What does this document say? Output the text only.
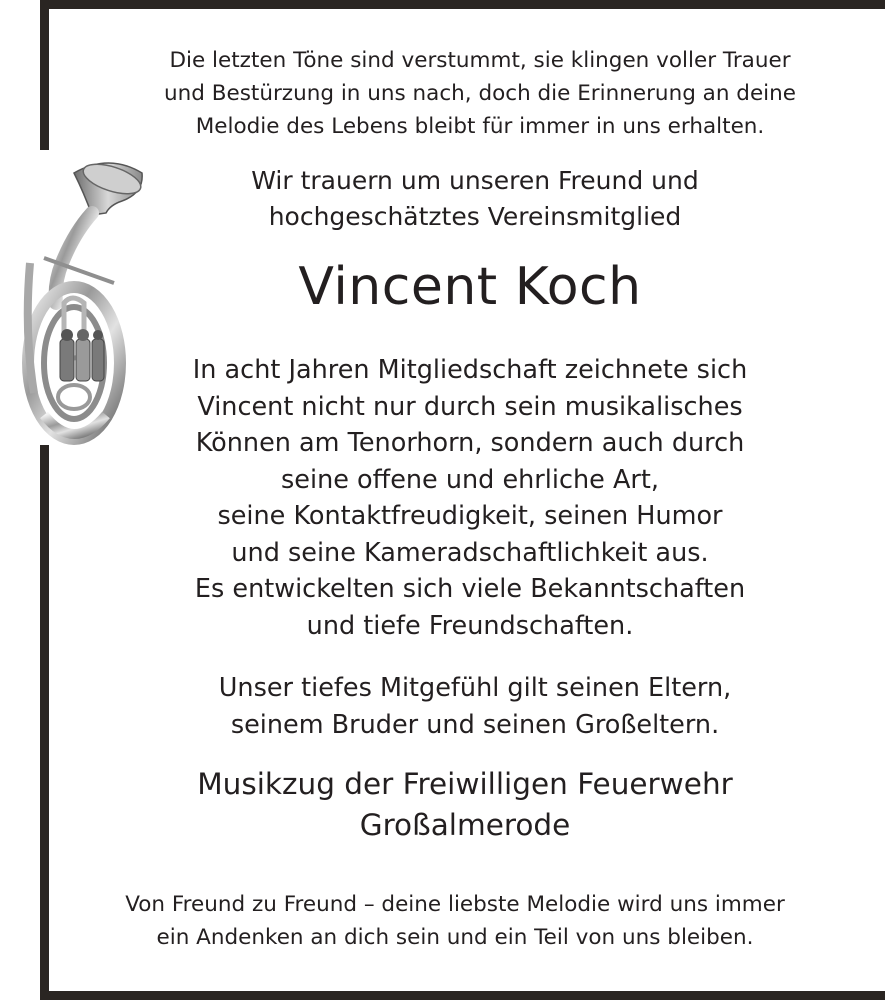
Die letzten Töne sind verstummt, sie klingen voller Trauer
und Bestürzung in uns nach, doch die Erinnerung an deine
Melodie des Lebens bleibt für immer in uns erhalten.
Wir trauern um unseren Freund und
hochgeschätztes Vereinsmitglied
Vincent Koch
In acht Jahren Mitgliedschaft zeichnete sich
Vincent nicht nur durch sein musikalisches
Können am Tenorhorn, sondern auch durch
seine offene und ehrliche Art,
seine Kontaktfreudigkeit, seinen Humor
und seine Kameradschaftlichkeit aus.
Es entwickelten sich viele Bekanntschaften
und tiefe Freundschaften.
Unser tiefes Mitgefühl gilt seinen Eltern,
seinem Bruder und seinen Großeltern.
Musikzug der Freiwilligen Feuerwehr
Großalmerode
Von Freund zu Freund – deine liebste Melodie wird uns immer
ein Andenken an dich sein und ein Teil von uns bleiben.
